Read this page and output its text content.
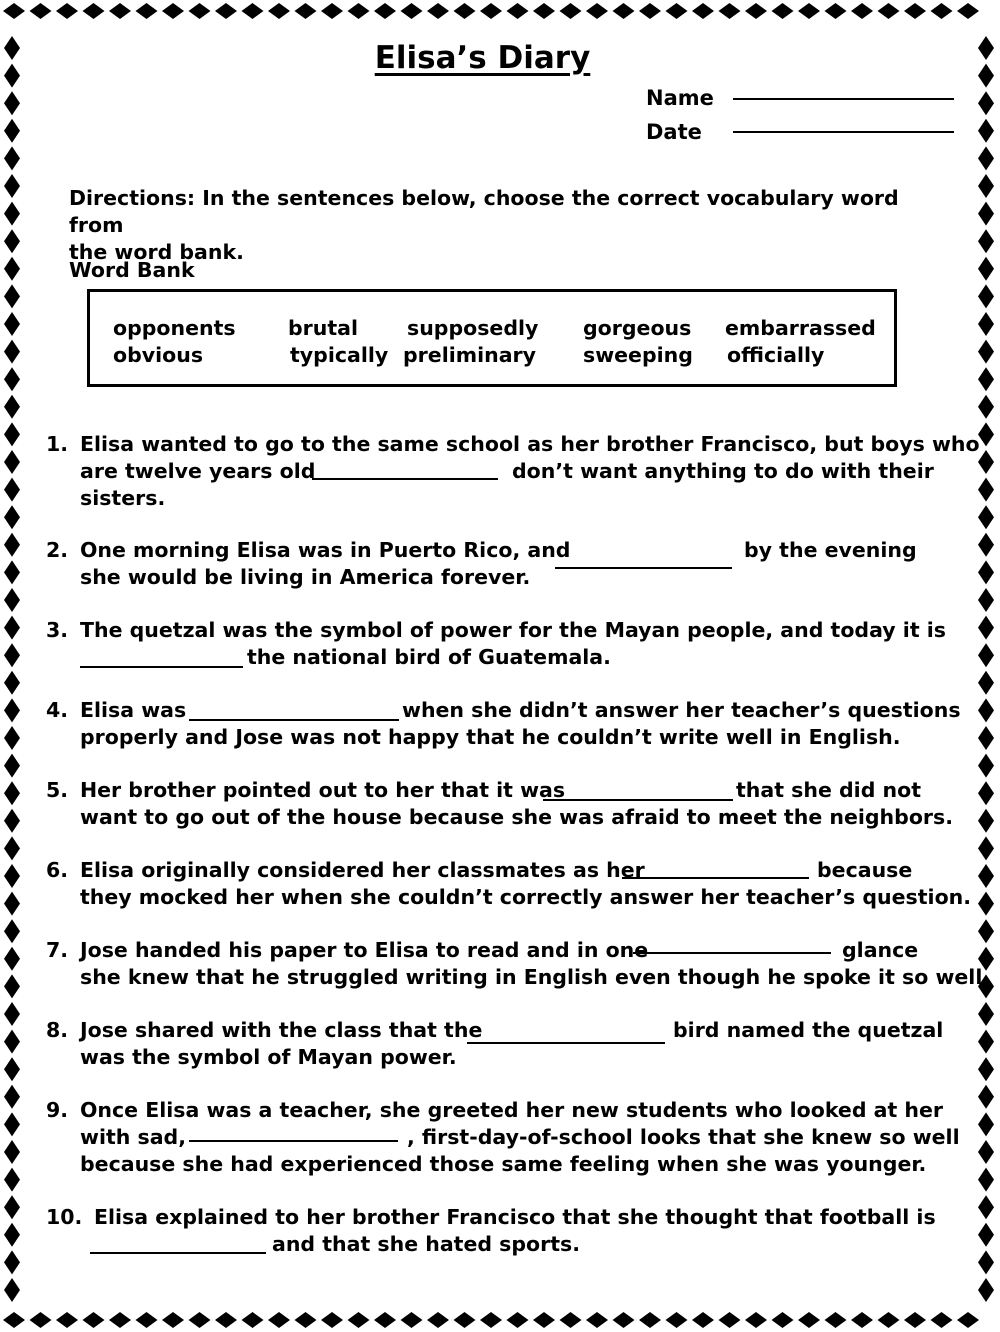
Elisa’s Diary
Name
Date
Directions: In the sentences below, choose the correct vocabulary word from
the word bank.
Word Bank
opponents	brutal supposedly gorgeous embarrassed
obvious	typically preliminary sweeping officially
1. Elisa wanted to go to the same school as her brother Francisco, but boys who
are twelve years old	don’t want anything to do with their
sisters.
2. One morning Elisa was in Puerto Rico, and	by the evening
she would be living in America forever.
3. The quetzal was the symbol of power for the Mayan people, and today it is
the national bird of Guatemala.
4. Elisa was	when she didn’t answer her teacher’s questions
properly and Jose was not happy that he couldn’t write well in English.
5. Her brother pointed out to her that it was	that she did not
want to go out of the house because she was afraid to meet the neighbors.
6. Elisa originally considered her classmates as her	because
they mocked her when she couldn’t correctly answer her teacher’s question.
7. Jose handed his paper to Elisa to read and in one	glance
she knew that he struggled writing in English even though he spoke it so well.
8. Jose shared with the class that the	bird named the quetzal
was the symbol of Mayan power.
9. Once Elisa was a teacher, she greeted her new students who looked at her
with sad,	, first-day-of-school looks that she knew so well
because she had experienced those same feeling when she was younger.
10. Elisa explained to her brother Francisco that she thought that football is
and that she hated sports.
